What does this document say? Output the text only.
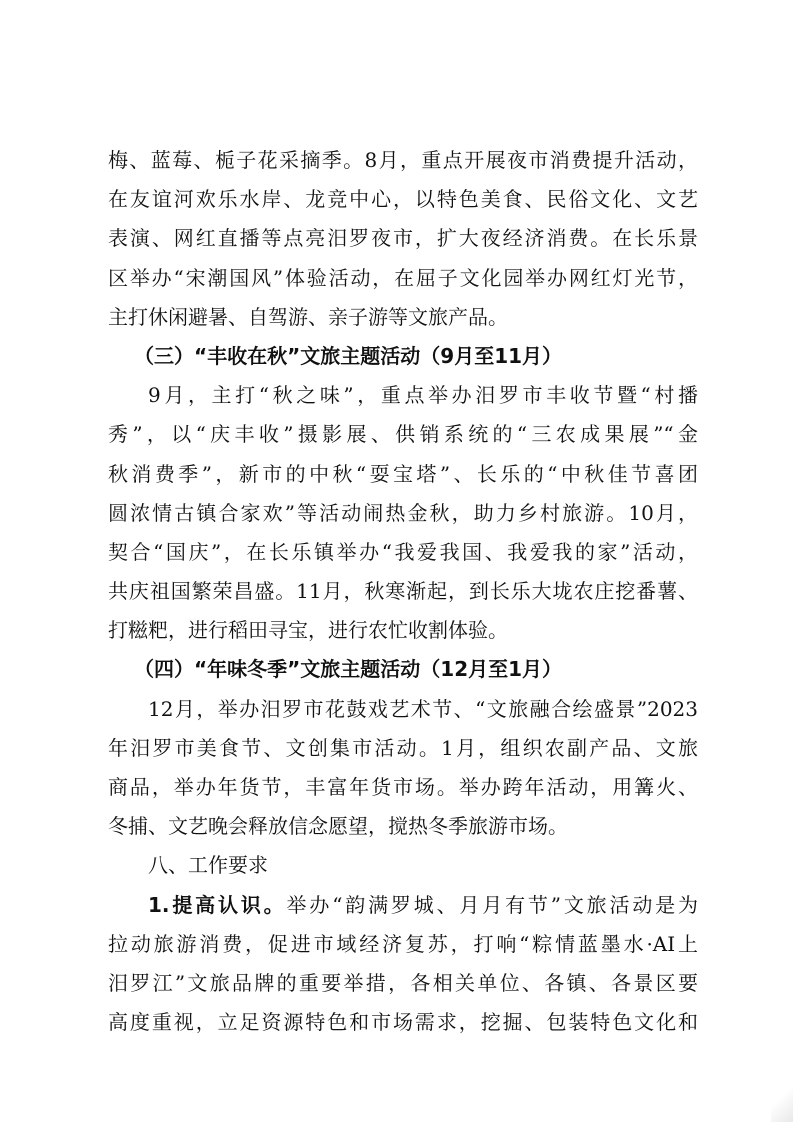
梅、蓝莓、栀子花采摘季。8月，重点开展夜市消费提升活动，
在友谊河欢乐水岸、龙竞中心，以特色美食、民俗文化、文艺
表演、网红直播等点亮汨罗夜市，扩大夜经济消费。在长乐景
区举办“宋潮国风”体验活动，在屈子文化园举办网红灯光节，
主打休闲避暑、自驾游、亲子游等文旅产品。
（三）“丰收在秋”文旅主题活动（9月至11月）
9月，主打“秋之味”，重点举办汨罗市丰收节暨“村播
秀”，以“庆丰收”摄影展、供销系统的“三农成果展”“金
秋消费季”，新市的中秋“耍宝塔”、长乐的“中秋佳节喜团
圆浓情古镇合家欢”等活动闹热金秋，助力乡村旅游。10月，
契合“国庆”，在长乐镇举办“我爱我国、我爱我的家”活动，
共庆祖国繁荣昌盛。11月，秋寒渐起，到长乐大垅农庄挖番薯、
打糍粑，进行稻田寻宝，进行农忙收割体验。
（四）“年味冬季”文旅主题活动（12月至1月）
12月，举办汨罗市花鼓戏艺术节、“文旅融合绘盛景”2023
年汨罗市美食节、文创集市活动。1月，组织农副产品、文旅
商品，举办年货节，丰富年货市场。举办跨年活动，用篝火、
冬捕、文艺晚会释放信念愿望，搅热冬季旅游市场。
八、工作要求
1.提高认识。举办“韵满罗城、月月有节”文旅活动是为
拉动旅游消费，促进市域经济复苏，打响“粽情蓝墨水·AI上
汨罗江”文旅品牌的重要举措，各相关单位、各镇、各景区要
高度重视，立足资源特色和市场需求，挖掘、包装特色文化和
